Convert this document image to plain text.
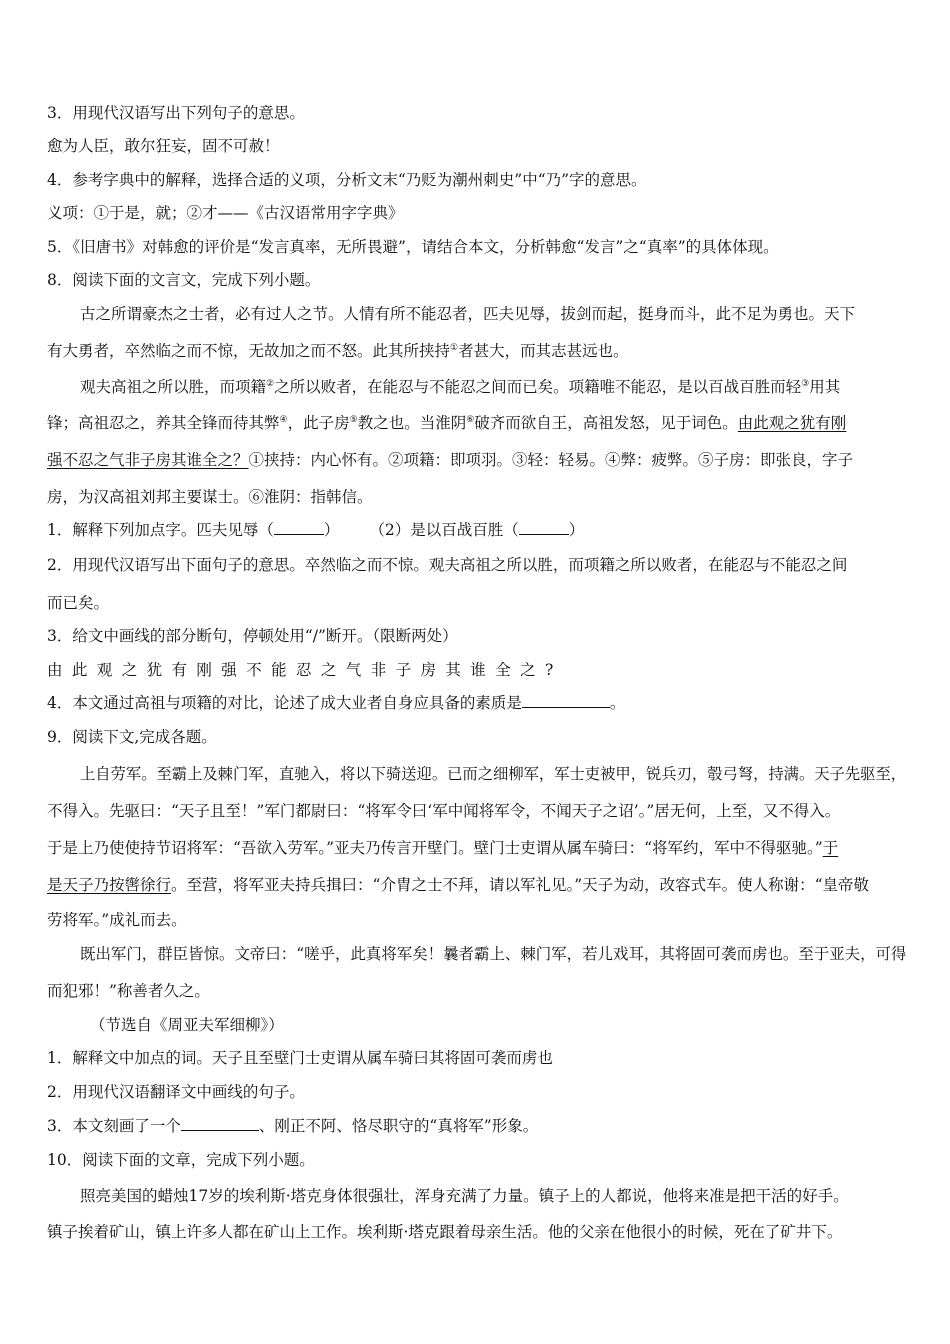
3．用现代汉语写出下列句子的意思。
愈为人臣，敢尔狂妄，固不可赦！
4．参考字典中的解释，选择合适的义项，分析文末“乃贬为潮州刺史”中“乃”字的意思。
义项：①于是，就；②才——《古汉语常用字字典》
5．《旧唐书》对韩愈的评价是“发言真率，无所畏避”，请结合本文，分析韩愈“发言”之“真率”的具体体现。
8．阅读下面的文言文，完成下列小题。
古之所谓豪杰之士者，必有过人之节。人情有所不能忍者，匹夫见辱，拔剑而起，挺身而斗，此不足为勇也。天下
有大勇者，卒然临之而不惊，无故加之而不怒。此其所挟持①者甚大，而其志甚远也。
观夫高祖之所以胜，而项籍②之所以败者，在能忍与不能忍之间而已矣。项籍唯不能忍，是以百战百胜而轻③用其
锋；高祖忍之，养其全锋而待其弊④，此子房⑤教之也。当淮阴⑥破齐而欲自王，高祖发怒，见于词色。由此观之犹有刚
强不忍之气非子房其谁全之？①挟持：内心怀有。②项籍：即项羽。③轻：轻易。④弊：疲弊。⑤子房：即张良，字子
房，为汉高祖刘邦主要谋士。⑥淮阴：指韩信。
1．解释下列加点字。匹夫见辱（	） （2）是以百战百胜（	）
2．用现代汉语写出下面句子的意思。卒然临之而不惊。观夫高祖之所以胜，而项籍之所以败者，在能忍与不能忍之间
而已矣。
3．给文中画线的部分断句，停顿处用“/”断开。（限断两处）
由此观之犹有刚强不能忍之气非子房其谁全之?
4．本文通过高祖与项籍的对比，论述了成大业者自身应具备的素质是	。
9．阅读下文,完成各题。
上自劳军。至霸上及棘门军，直驰入，将以下骑送迎。已而之细柳军，军士吏被甲，锐兵刃，彀弓弩，持满。天子先驱至，
不得入。先驱曰：“天子且至！”军门都尉曰：“将军令曰‘军中闻将军令，不闻天子之诏’。”居无何，上至，又不得入。
于是上乃使使持节诏将军：“吾欲入劳军。”亚夫乃传言开壁门。壁门士吏谓从属车骑曰：“将军约，军中不得驱驰。”于
是天子乃按辔徐行。至营，将军亚夫持兵揖曰：“介胄之士不拜，请以军礼见。”天子为动，改容式车。使人称谢：“皇帝敬
劳将军。”成礼而去。
既出军门，群臣皆惊。文帝曰：“嗟乎，此真将军矣！曩者霸上、棘门军，若儿戏耳，其将固可袭而虏也。至于亚夫，可得
而犯邪！”称善者久之。
（节选自《周亚夫军细柳》）
1．解释文中加点的词。天子且至壁门士吏谓从属车骑曰其将固可袭而虏也
2．用现代汉语翻译文中画线的句子。
3．本文刻画了一个	、刚正不阿、恪尽职守的“真将军”形象。
10．阅读下面的文章，完成下列小题。
照亮美国的蜡烛17岁的埃利斯·塔克身体很强壮，浑身充满了力量。镇子上的人都说，他将来准是把干活的好手。
镇子挨着矿山，镇上许多人都在矿山上工作。埃利斯·塔克跟着母亲生活。他的父亲在他很小的时候，死在了矿井下。
